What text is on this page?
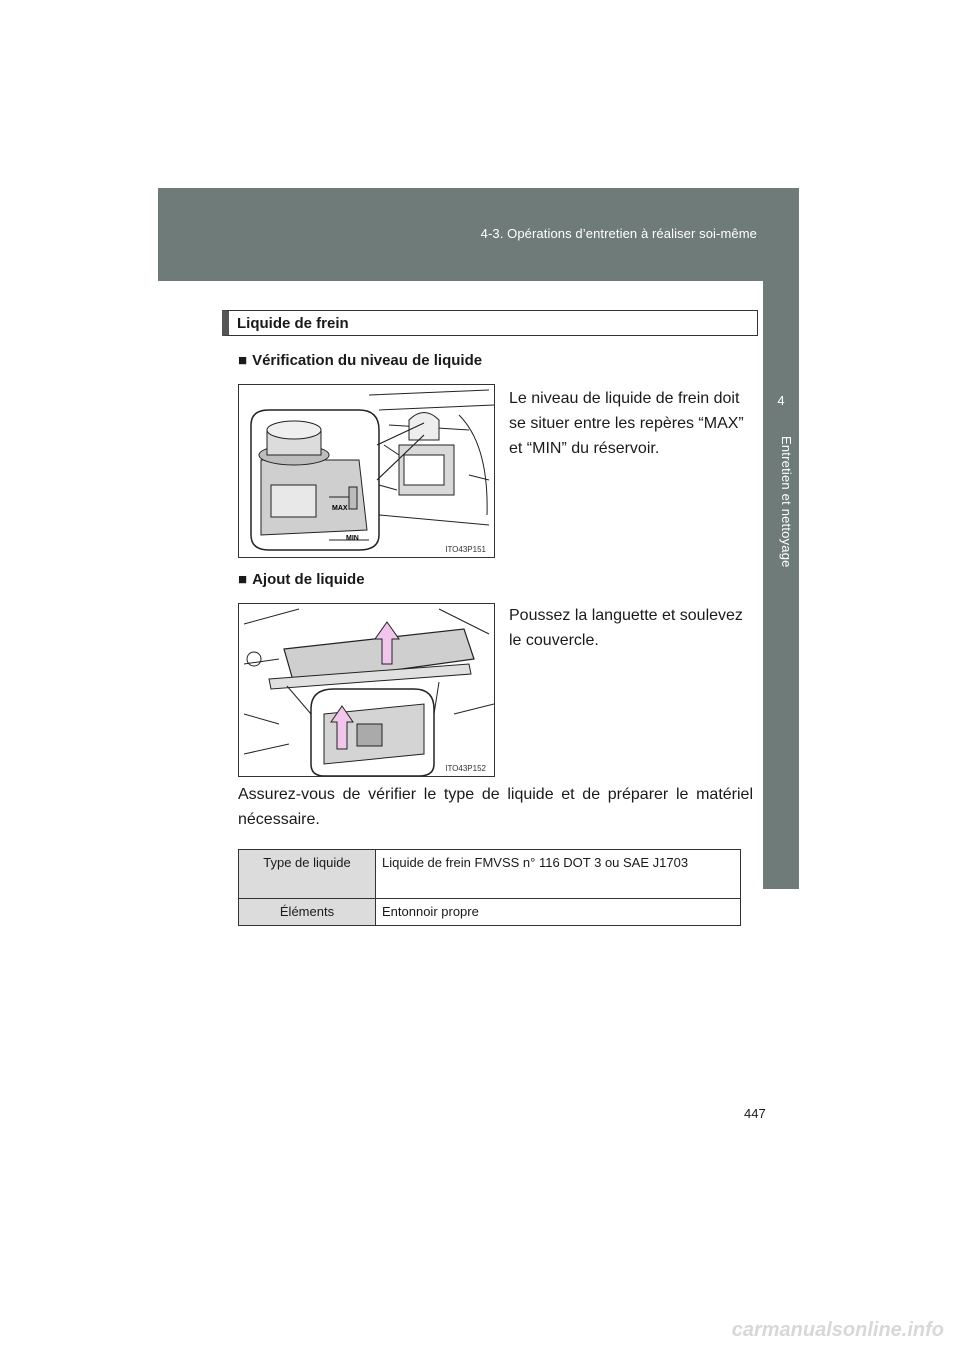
4-3. Opérations d’entretien à réaliser soi-même
4
Entretien et nettoyage
Liquide de frein
■ Vérification du niveau de liquide
MAX
MIN
ITO43P151
Le niveau de liquide de frein doit se situer entre les repères “MAX” et “MIN” du réservoir.
■ Ajout de liquide
ITO43P152
Poussez la languette et soulevez le couvercle.
Assurez-vous de vérifier le type de liquide et de préparer le matériel nécessaire.
Type de liquide	Liquide de frein FMVSS n° 116 DOT 3 ou SAE J1703
Éléments	Entonnoir propre
447
carmanualsonline.info
